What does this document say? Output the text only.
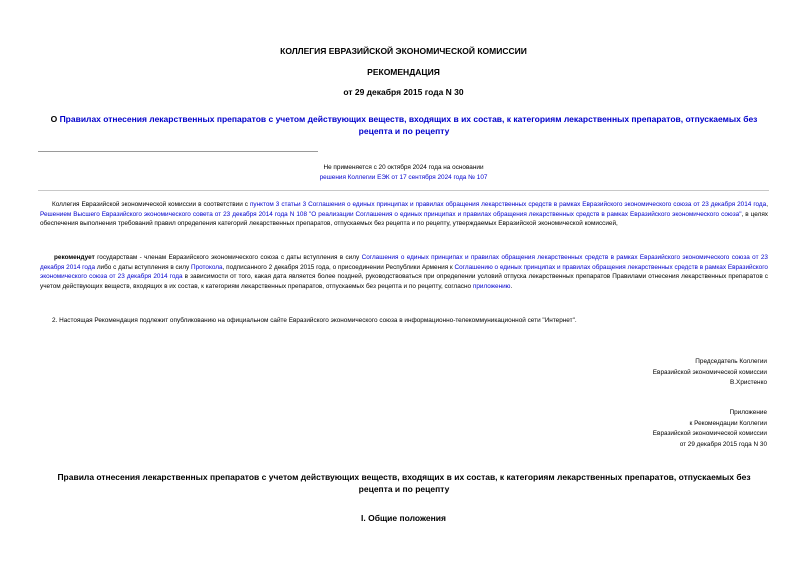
КОЛЛЕГИЯ ЕВРАЗИЙСКОЙ ЭКОНОМИЧЕСКОЙ КОМИССИИ
РЕКОМЕНДАЦИЯ
от 29 декабря 2015 года N 30
О Правилах отнесения лекарственных препаратов с учетом действующих веществ, входящих в их состав, к категориям лекарственных препаратов, отпускаемых без рецепта и по рецепту
Не применяется с 20 октября 2024 года на основании
решения Коллегии ЕЭК от 17 сентября 2024 года № 107
Коллегия Евразийской экономической комиссии в соответствии с пунктом 3 статьи 3 Соглашения о единых принципах и правилах обращения лекарственных средств в рамках Евразийского экономического союза от 23 декабря 2014 года, Решением Высшего Евразийского экономического совета от 23 декабря 2014 года N 108 "О реализации Соглашения о единых принципах и правилах обращения лекарственных средств в рамках Евразийского экономического союза", в целях обеспечения выполнения требований правил определения категорий лекарственных препаратов, отпускаемых без рецепта и по рецепту, утверждаемых Евразийской экономической комиссией,
рекомендует государствам - членам Евразийского экономического союза с даты вступления в силу Соглашения о единых принципах и правилах обращения лекарственных средств в рамках Евразийского экономического союза от 23 декабря 2014 года либо с даты вступления в силу Протокола, подписанного 2 декабря 2015 года, о присоединении Республики Армения к Соглашению о единых принципах и правилах обращения лекарственных средств в рамках Евразийского экономического союза от 23 декабря 2014 года в зависимости от того, какая дата является более поздней, руководствоваться при определении условий отпуска лекарственных препаратов Правилами отнесения лекарственных препаратов с учетом действующих веществ, входящих в их состав, к категориям лекарственных препаратов, отпускаемых без рецепта и по рецепту, согласно приложению.
2. Настоящая Рекомендация подлежит опубликованию на официальном сайте Евразийского экономического союза в информационно-телекоммуникационной сети "Интернет".
Председатель Коллегии
Евразийской экономической комиссии
В.Христенко
Приложение
к Рекомендации Коллегии
Евразийской экономической комиссии
от 29 декабря 2015 года N 30
Правила отнесения лекарственных препаратов с учетом действующих веществ, входящих в их состав, к категориям лекарственных препаратов, отпускаемых без рецепта и по рецепту
I. Общие положения
